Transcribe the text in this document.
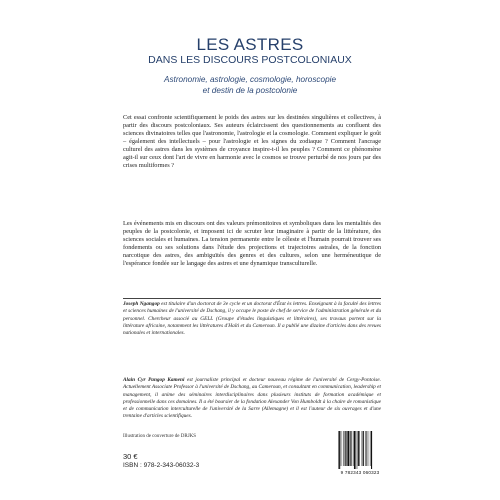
LES ASTRES
DANS LES DISCOURS POSTCOLONIAUX
Astronomie, astrologie, cosmologie, horoscopie
et destin de la postcolonie
Cet essai confronte scientifiquement le poids des astres sur les destinées singulières et collectives, à partir des discours postcoloniaux. Ses auteurs éclaircissent des questionnements au confluent des sciences divinatoires telles que l'astronomie, l'astrologie et la cosmologie. Comment expliquer le goût – également des intellectuels – pour l'astrologie et les signes du zodiaque ? Comment l'ancrage culturel des astres dans les systèmes de croyance inspire-t-il les peuples ? Comment ce phénomène agit-il sur ceux dont l'art de vivre en harmonie avec le cosmos se trouve perturbé de nos jours par des crises multiformes ?
Les événements mis en discours ont des valeurs prémonitoires et symboliques dans les mentalités des peuples de la postcolonie, et imposent ici de scruter leur imaginaire à partir de la littérature, des sciences sociales et humaines. La tension permanente entre le céleste et l'humain pourrait trouver ses fondements ou ses solutions dans l'étude des projections et trajectoires astrales, de la fonction narcotique des astres, des ambiguïtés des genres et des cultures, selon une herméneutique de l'espérance fondée sur le langage des astres et une dynamique transculturelle.
Joseph Ngangop est titulaire d'un doctorat de 3e cycle et un doctorat d'État ès lettres. Enseignant à la faculté des lettres et sciences humaines de l'université de Dschang, il y occupe le poste de chef de service de l'administration générale et du personnel. Chercheur associé au GELL (Groupe d'études linguistiques et littéraires), ses travaux portent sur la littérature africaine, notamment les littératures d'Haïti et du Cameroun. Il a publié une dizaine d'articles dans des revues nationales et internationales.
Alain Cyr Pangop Kameni est journaliste principal et docteur nouveau régime de l'université de Cergy-Pontoise. Actuellement Associate Professor à l'université de Dschang, au Cameroun, et consultant en communication, leadership et management, il anime des séminaires interdisciplinaires dans plusieurs instituts de formation académique et professionnelle dans ces domaines. Il a été boursier de la fondation Alexander Von Humboldt à la chaire de romanistique et de communication interculturelle de l'université de la Sarre (Allemagne) et il est l'auteur de six ouvrages et d'une trentaine d'articles scientifiques.
Illustration de couverture de DRJKS
30 €
ISBN : 978-2-343-06032-3
9 782343 060323
